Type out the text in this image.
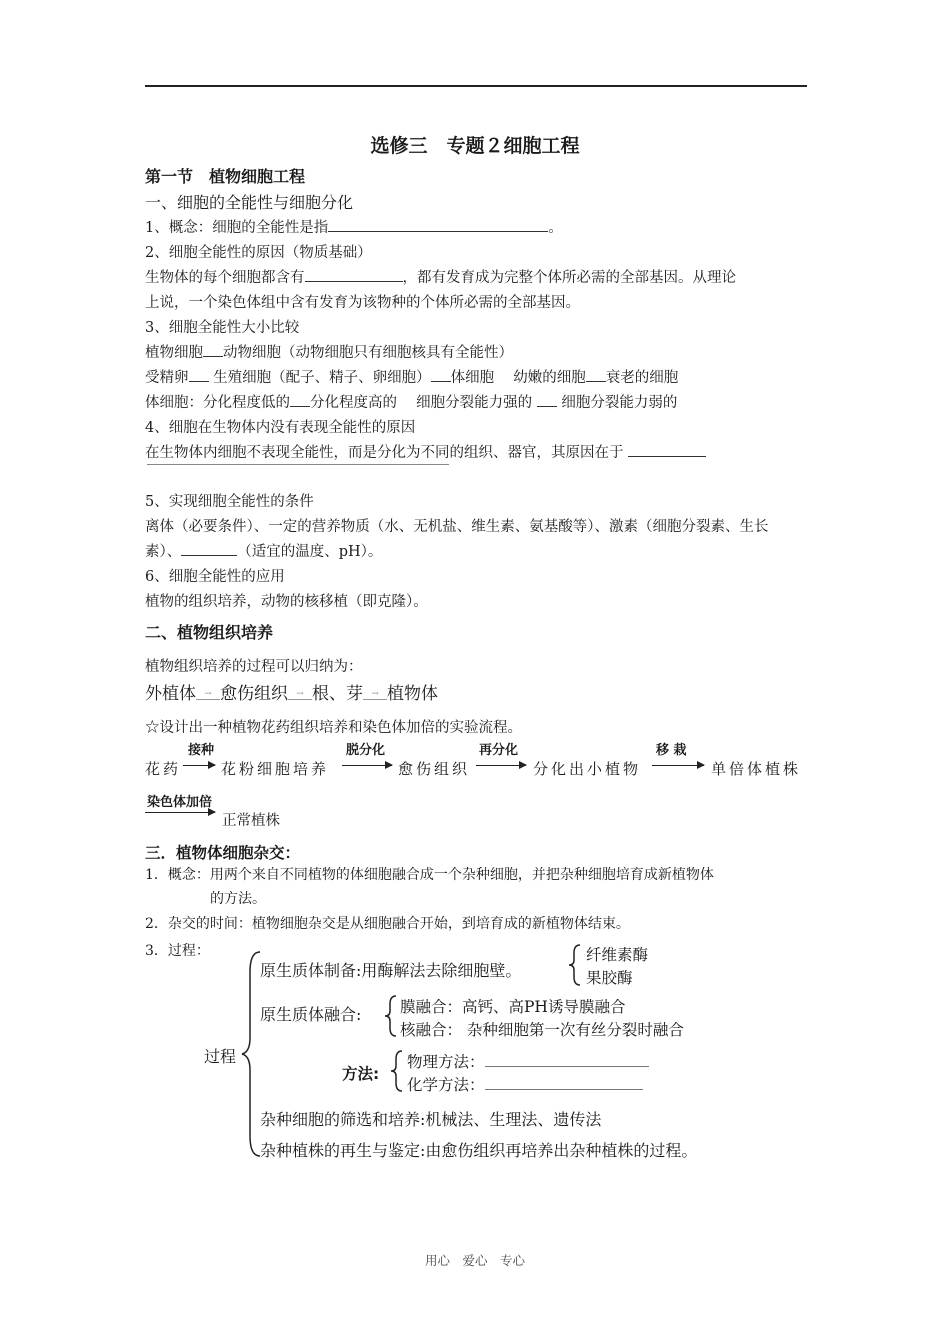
选修三　专题２细胞工程
第一节　植物细胞工程
一、细胞的全能性与细胞分化
1、概念：细胞的全能性是指	。
2、细胞全能性的原因（物质基础）
生物体的每个细胞都含有	，都有发育成为完整个体所必需的全部基因。从理论
上说，一个染色体组中含有发育为该物种的个体所必需的全部基因。
3、细胞全能性大小比较
植物细胞 动物细胞（动物细胞只有细胞核具有全能性）
受精卵 生殖细胞（配子、精子、卵细胞） 体细胞　 幼嫩的细胞 衰老的细胞
体细胞：分化程度低的 分化程度高的　 细胞分裂能力强的 细胞分裂能力弱的
4、细胞在生物体内没有表现全能性的原因
在生物体内细胞不表现全能性，而是分化为不同的组织、器官，其原因在于
5、实现细胞全能性的条件
离体（必要条件）、一定的营养物质（水、无机盐、维生素、氨基酸等）、激素（细胞分裂素、生长
素）、	（适宜的温度、pH）。
6、细胞全能性的应用
植物的组织培养，动物的核移植（即克隆）。
二、植物组织培养
植物组织培养的过程可以归纳为：
外植体 → 愈伤组织 → 根、芽 → 植物体
☆设计出一种植物花药组织培养和染色体加倍的实验流程。
接种	脱分化	再分化	移 栽
花药	花粉细胞培养	愈伤组织	分化出小植物	单倍体植株
染色体加倍
正常植株
三．植物体细胞杂交：
1．概念：用两个来自不同植物的体细胞融合成一个杂种细胞，并把杂种细胞培育成新植物体
的方法。
2．杂交的时间：植物细胞杂交是从细胞融合开始，到培育成的新植物体结束。
3．过程：
过程
原生质体制备:用酶解法去除细胞壁。
纤维素酶
果胶酶
原生质体融合: 膜融合：高钙、高PH诱导膜融合
核融合： 杂种细胞第一次有丝分裂时融合
方法:
物理方法：
化学方法：
杂种细胞的筛选和培养:机械法、生理法、遗传法
杂种植株的再生与鉴定:由愈伤组织再培养出杂种植株的过程。
用心　爱心　专心
